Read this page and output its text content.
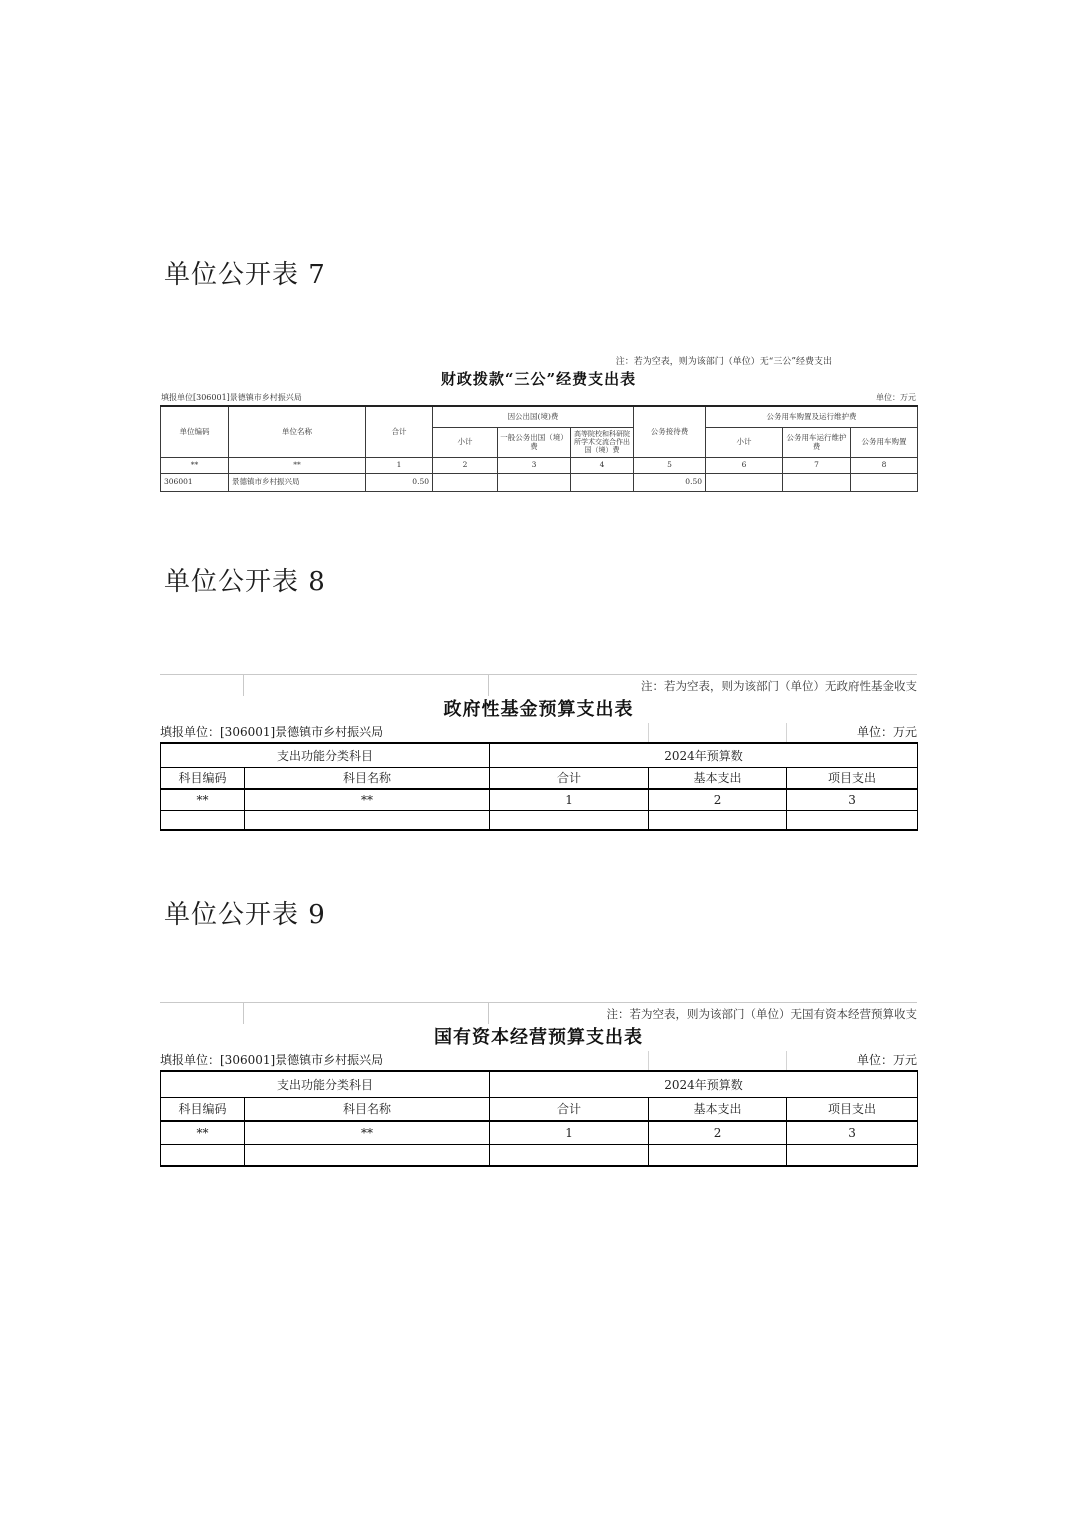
单位公开表 7
注：若为空表，则为该部门（单位）无“三公”经费支出
财政拨款“三公”经费支出表
填报单位[306001]景德镇市乡村振兴局	单位：万元
单位编码	单位名称	合计	因公出国(境)费			公务接待费	公务用车购置及运行维护费		
			小计	一般公务出国（境）费	高等院校和科研院所学术交流合作出国（境）费		小计	公务用车运行维护费	公务用车购置
**	**	1	2	3	4	5	6	7	8
306001	景德镇市乡村振兴局	0.50				0.50			
单位公开表 8
注：若为空表，则为该部门（单位）无政府性基金收支
政府性基金预算支出表
填报单位：[306001]景德镇市乡村振兴局	单位：万元
支出功能分类科目		2024年预算数		
科目编码	科目名称	合计	基本支出	项目支出
**	**	1	2	3

单位公开表 9
注：若为空表，则为该部门（单位）无国有资本经营预算收支
国有资本经营预算支出表
填报单位：[306001]景德镇市乡村振兴局	单位：万元
支出功能分类科目		2024年预算数		
科目编码	科目名称	合计	基本支出	项目支出
**	**	1	2	3
